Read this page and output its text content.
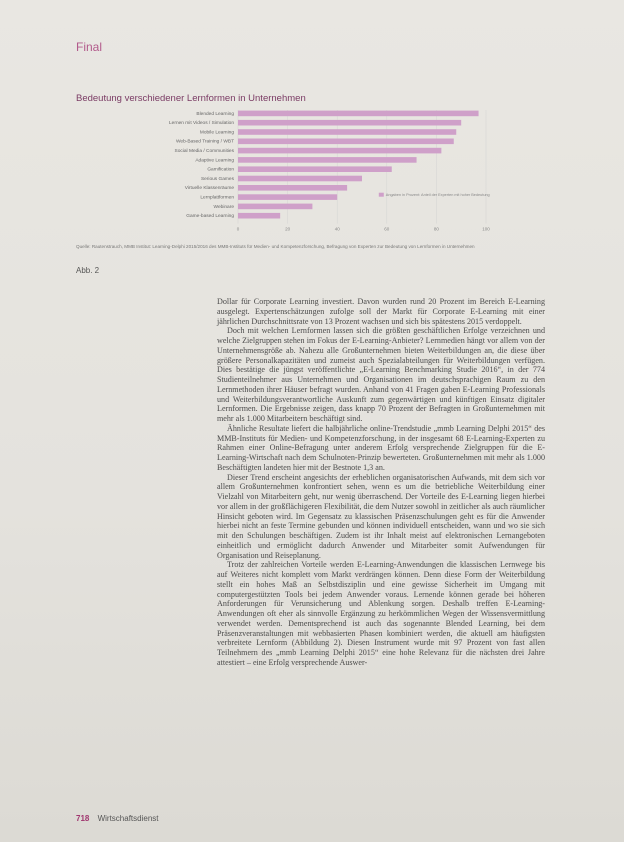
Final
Bedeutung verschiedener Lernformen in Unternehmen
0	20	40	60	80	100
Blended Learning
Lernen mit Videos / Simulation
Mobile Learning
Web-Based Training / WBT
Social Media / Communities
Adaptive Learning
Gamification
Serious Games
Virtuelle Klassenräume
Lernplattformen
Webinare
Game-based Learning
Angaben in Prozent: Anteil der Experten mit hoher Bedeutung
Quelle: Rautenstrauch, MMB Institut: Learning-Delphi 2015/2016 des MMB-Instituts für Medien- und Kompetenzforschung, Befragung von Experten zur Bedeutung von Lernformen in Unternehmen
Abb. 2

Dollar für Corporate Learning investiert. Davon wurden rund 20 Prozent im Bereich E-Learning ausgelegt. Expertenschätzungen zufolge soll der Markt für Corporate E-Learning mit einer jährlichen Durchschnittsrate von 13 Prozent wachsen und sich bis spätestens 2015 verdoppelt.

Doch mit welchen Lernformen lassen sich die größten geschäftlichen Erfolge verzeichnen und welche Zielgruppen stehen im Fokus der E-Learning-Anbieter? Lernmedien hängt vor allem von der Unternehmensgröße ab. Nahezu alle Großunternehmen bieten Weiterbildungen an, die diese über größere Personalkapazitäten und zumeist auch Spezialabteilungen für Weiterbildungen verfügen. Dies bestätige die jüngst veröffentlichte „E-Learning Benchmarking Studie 2016“, in der 774 Studienteilnehmer aus Unternehmen und Organisationen im deutschsprachigen Raum zu den Lernmethoden ihrer Häuser befragt wurden. Anhand von 41 Fragen gaben E-Learning Professionals und Weiterbildungsverantwortliche Auskunft zum gegenwärtigen und künftigen Einsatz digitaler Lernformen. Die Ergebnisse zeigen, dass knapp 70 Prozent der Befragten in Großunternehmen mit mehr als 1.000 Mitarbeitern beschäftigt sind.

Ähnliche Resultate liefert die halbjährliche online-Trendstudie „mmb Learning Delphi 2015“ des MMB-Instituts für Medien- und Kompetenzforschung, in der insgesamt 68 E-Learning-Experten zu Rahmen einer Online-Befragung unter anderem Erfolg versprechende Zielgruppen für die E-Learning-Wirtschaft nach dem Schulnoten-Prinzip bewerteten. Großunternehmen mit mehr als 1.000 Beschäftigten landeten hier mit der Bestnote 1,3 an.

Dieser Trend erscheint angesichts der erheblichen organisatorischen Aufwands, mit dem sich vor allem Großunternehmen konfrontiert sehen, wenn es um die betriebliche Weiterbildung einer Vielzahl von Mitarbeitern geht, nur wenig überraschend. Der Vorteile des E-Learning liegen hierbei vor allem in der großflächigeren Flexibilität, die dem Nutzer sowohl in zeitlicher als auch räumlicher Hinsicht geboten wird. Im Gegensatz zu klassischen Präsenzschulungen geht es für die Anwender hierbei nicht an feste Termine gebunden und können individuell entscheiden, wann und wo sie sich mit den Schulungen beschäftigen. Zudem ist ihr Inhalt meist auf elektronischen Lernangeboten einheitlich und ermöglicht dadurch Anwender und Mitarbeiter somit Aufwendungen für Organisation und Reiseplanung.

Trotz der zahlreichen Vorteile werden E-Learning-Anwendungen die klassischen Lernwege bis auf Weiteres nicht komplett vom Markt verdrängen können. Denn diese Form der Weiterbildung stellt ein hohes Maß an Selbstdisziplin und eine gewisse Sicherheit im Umgang mit computergestützten Tools bei jedem Anwender voraus. Lernende können gerade bei höheren Anforderungen für Verunsicherung und Ablenkung sorgen. Deshalb treffen E-Learning-Anwendungen oft eher als sinnvolle Ergänzung zu herkömmlichen Wegen der Wissensvermittlung verwendet werden. Dementsprechend ist auch das sogenannte Blended Learning, bei dem Präsenzveranstaltungen mit webbasierten Phasen kombiniert werden, die aktuell am häufigsten verbreitete Lernform (Abbildung 2). Diesen Instrument wurde mit 97 Prozent von fast allen Teilnehmern des „mmb Learning Delphi 2015“ eine hohe Relevanz für die nächsten drei Jahre attestiert – eine Erfolg versprechende Auswer-

718 Wirtschaftsdienst
